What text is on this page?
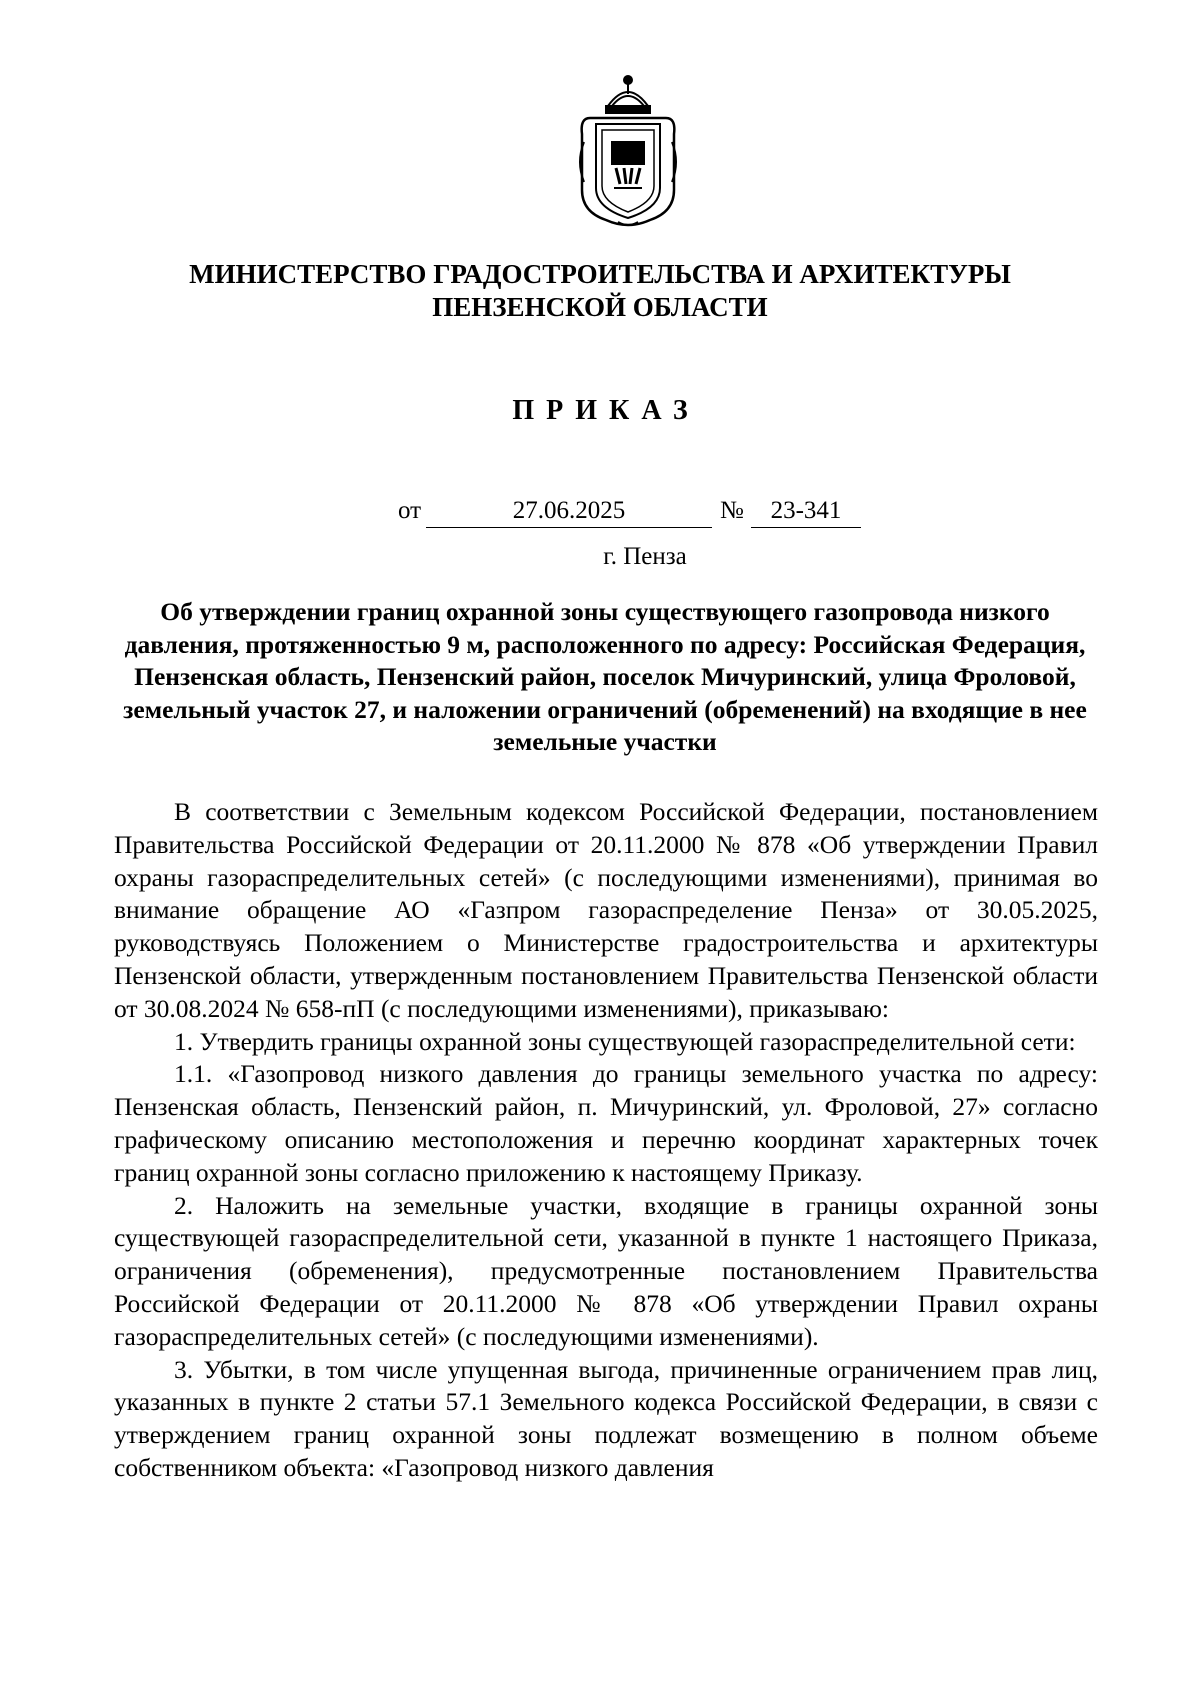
МИНИСТЕРСТВО ГРАДОСТРОИТЕЛЬСТВА И АРХИТЕКТУРЫ
ПЕНЗЕНСКОЙ ОБЛАСТИ
ПРИКАЗ
от	27.06.2025	№	23-341
г. Пенза
Об утверждении границ охранной зоны существующего газопровода низкого давления, протяженностью 9 м, расположенного по адресу: Российская Федерация, Пензенская область, Пензенский район, поселок Мичуринский, улица Фроловой, земельный участок 27, и наложении ограничений (обременений) на входящие в нее земельные участки

В соответствии с Земельным кодексом Российской Федерации, постановлением Правительства Российской Федерации от 20.11.2000 № 878 «Об утверждении Правил охраны газораспределительных сетей» (с последующими изменениями), принимая во внимание обращение АО «Газпром газораспределение Пенза» от 30.05.2025, руководствуясь Положением о Министерстве градостроительства и архитектуры Пензенской области, утвержденным постановлением Правительства Пензенской области от 30.08.2024 № 658-пП (с последующими изменениями), приказываю:

1. Утвердить границы охранной зоны существующей газораспределительной сети:

1.1. «Газопровод низкого давления до границы земельного участка по адресу: Пензенская область, Пензенский район, п. Мичуринский, ул. Фроловой, 27» согласно графическому описанию местоположения и перечню координат характерных точек границ охранной зоны согласно приложению к настоящему Приказу.

2. Наложить на земельные участки, входящие в границы охранной зоны существующей газораспределительной сети, указанной в пункте 1 настоящего Приказа, ограничения (обременения), предусмотренные постановлением Правительства Российской Федерации от 20.11.2000 № 878 «Об утверждении Правил охраны газораспределительных сетей» (с последующими изменениями).

3. Убытки, в том числе упущенная выгода, причиненные ограничением прав лиц, указанных в пункте 2 статьи 57.1 Земельного кодекса Российской Федерации, в связи с утверждением границ охранной зоны подлежат возмещению в полном объеме собственником объекта: «Газопровод низкого давления
